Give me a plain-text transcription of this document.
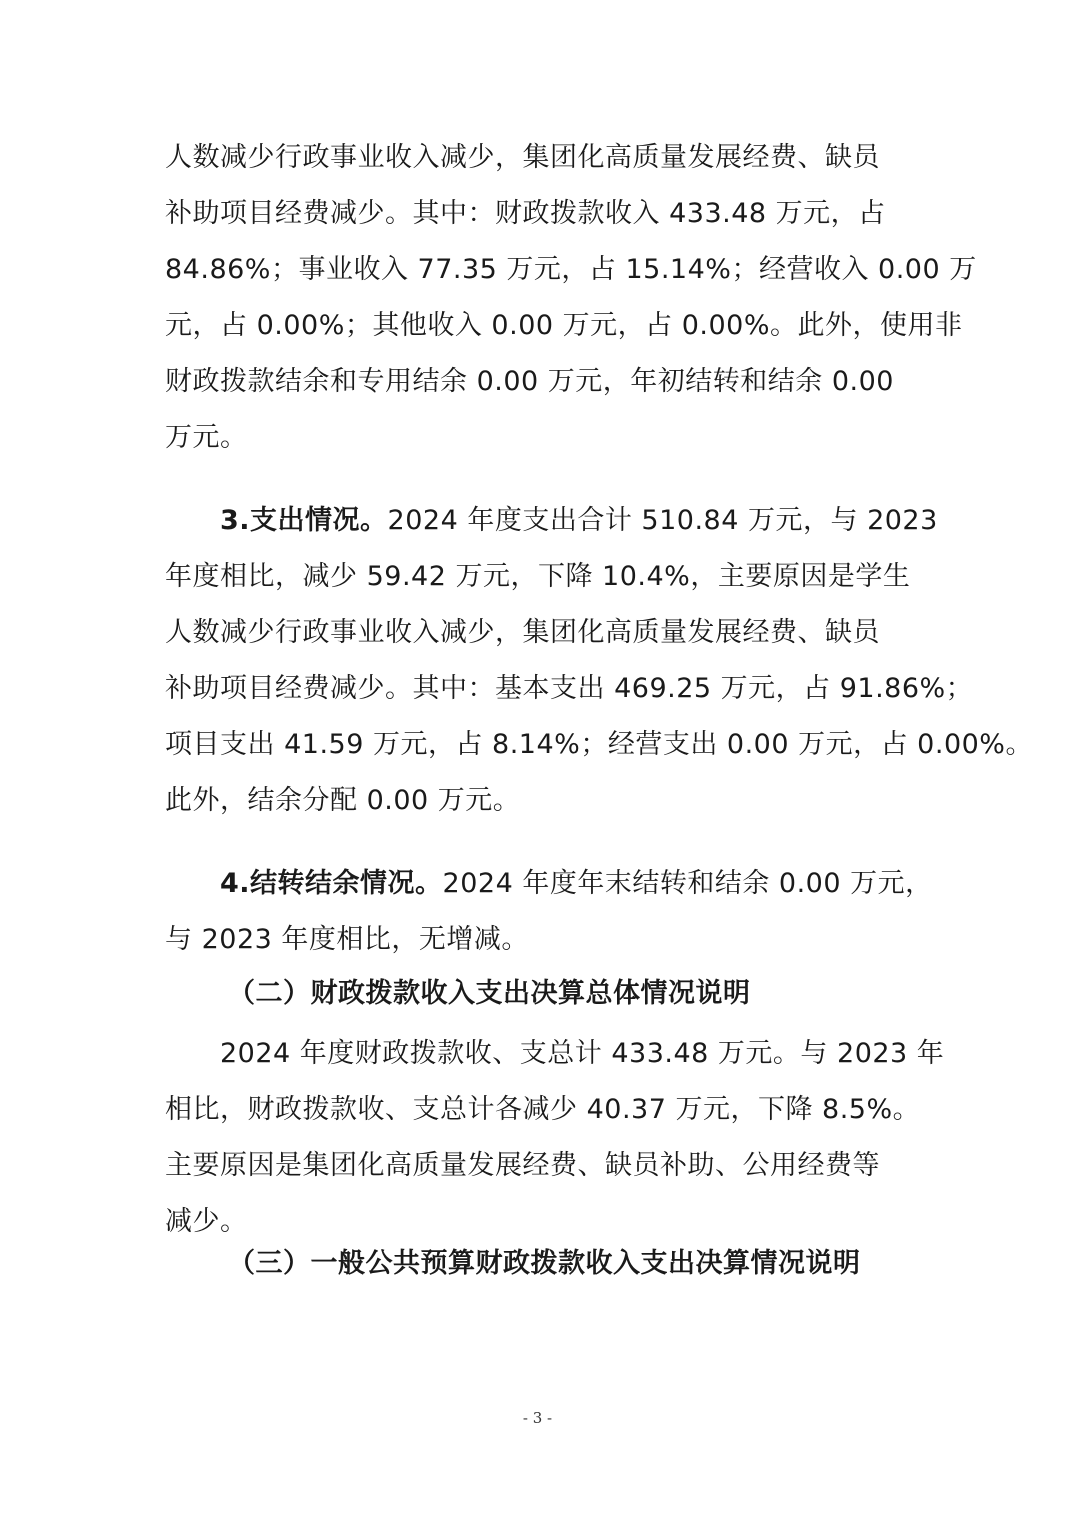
人数减少行政事业收入减少，集团化高质量发展经费、缺员
补助项目经费减少。其中：财政拨款收入 433.48 万元，占
84.86%；事业收入 77.35 万元，占 15.14%；经营收入 0.00 万
元，占 0.00%；其他收入 0.00 万元，占 0.00%。此外，使用非
财政拨款结余和专用结余 0.00 万元，年初结转和结余 0.00
万元。
3.支出情况。2024 年度支出合计 510.84 万元，与 2023
年度相比，减少 59.42 万元，下降 10.4%，主要原因是学生
人数减少行政事业收入减少，集团化高质量发展经费、缺员
补助项目经费减少。其中：基本支出 469.25 万元，占 91.86%；
项目支出 41.59 万元，占 8.14%；经营支出 0.00 万元，占 0.00%。
此外，结余分配 0.00 万元。
4.结转结余情况。2024 年度年末结转和结余 0.00 万元，
与 2023 年度相比，无增减。
（二）财政拨款收入支出决算总体情况说明
2024 年度财政拨款收、支总计 433.48 万元。与 2023 年
相比，财政拨款收、支总计各减少 40.37 万元，下降 8.5%。
主要原因是集团化高质量发展经费、缺员补助、公用经费等
减少。
（三）一般公共预算财政拨款收入支出决算情况说明
- 3 -
